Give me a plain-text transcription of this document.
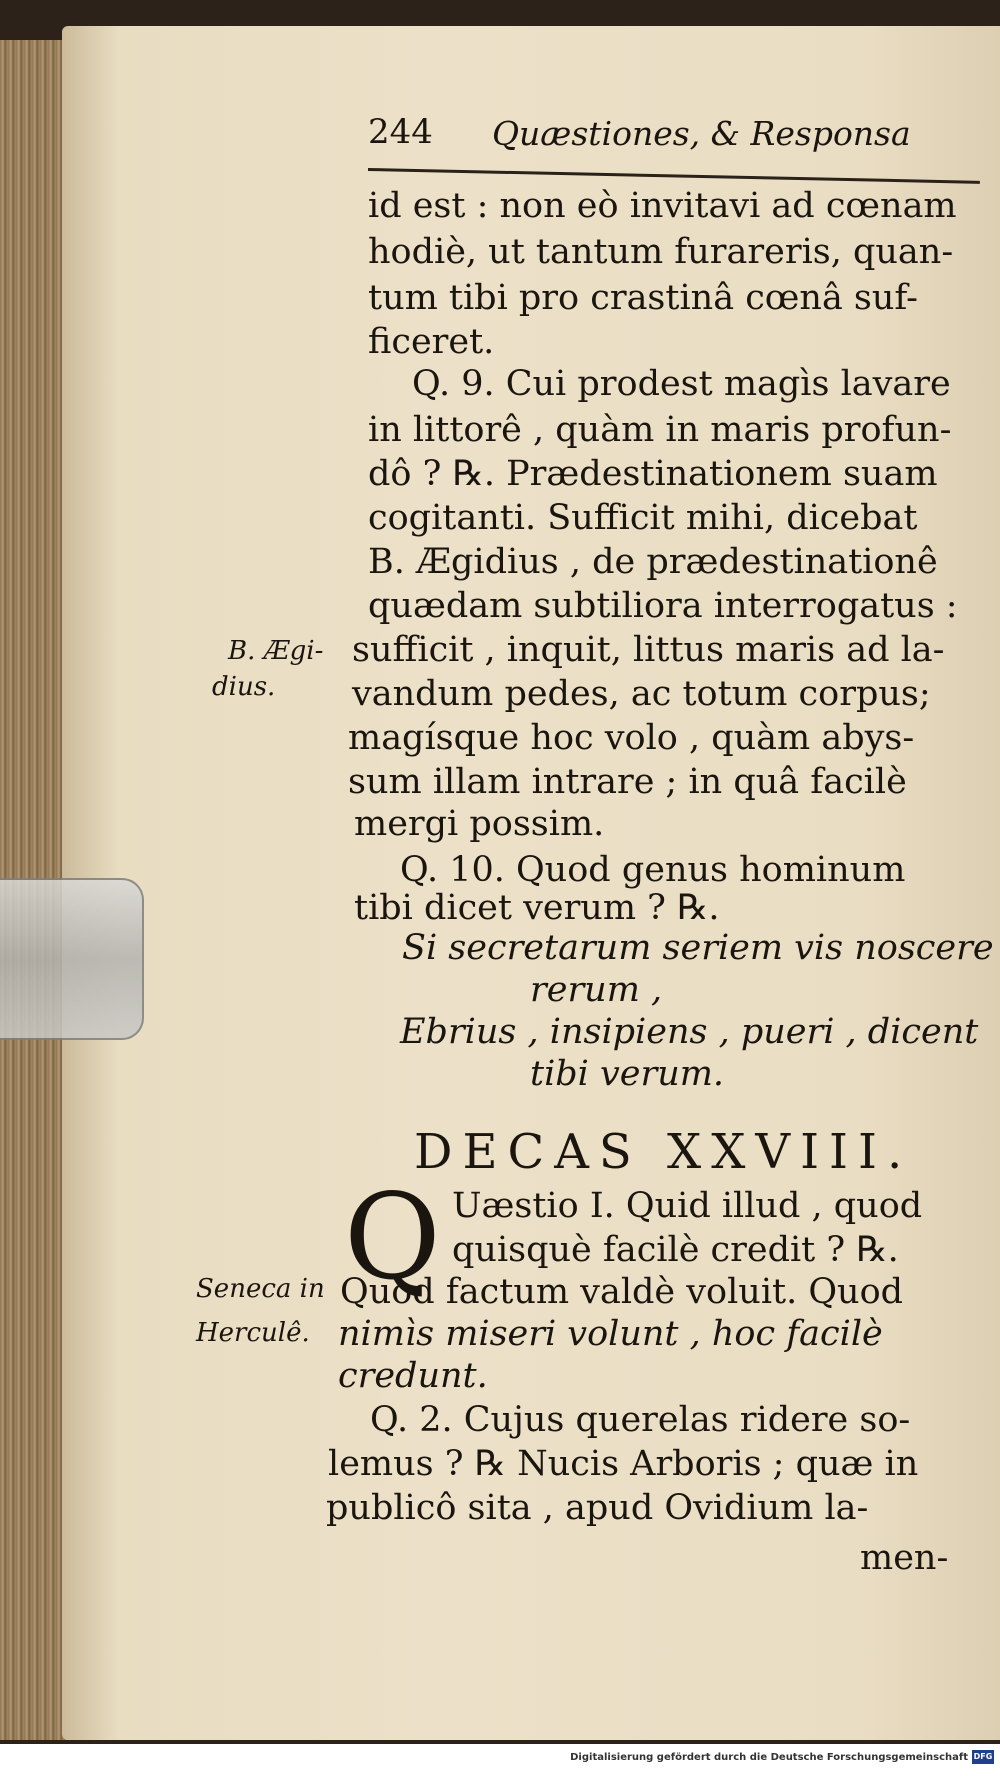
244 Quæstiones, & Responsa
id est : non eò invitavi ad cœnam
hodiè, ut tantum furareris, quan-
tum tibi pro crastinâ cœnâ suf-
ficeret.
Q. 9. Cui prodest magìs lavare
in littorê , quàm in maris profun-
dô ? ℞. Prædestinationem suam
cogitanti. Sufficit mihi, dicebat
B. Ægidius , de prædestinationê
quædam subtiliora interrogatus :
sufficit , inquit, littus maris ad la-
vandum pedes, ac totum corpus;
magísque hoc volo , quàm abys-
sum illam intrare ; in quâ facilè
mergi possim.
Q. 10. Quod genus hominum
tibi dicet verum ? ℞.
Si secretarum seriem vis noscere
rerum ,
Ebrius , insipiens , pueri , dicent
tibi verum.
B. Ægi-
dius.
Seneca in
Herculê.
DECAS XXVIII.
Q Uæstio I. Quid illud , quod
quisquè facilè credit ? ℞.
Quod factum valdè voluit. Quod
nimìs miseri volunt , hoc facilè
credunt.
Q. 2. Cujus querelas ridere so-
lemus ? ℞ Nucis Arboris ; quæ in
publicô sita , apud Ovidium la-
men-
Digitalisierung gefördert durch die Deutsche Forschungsgemeinschaft DFG
